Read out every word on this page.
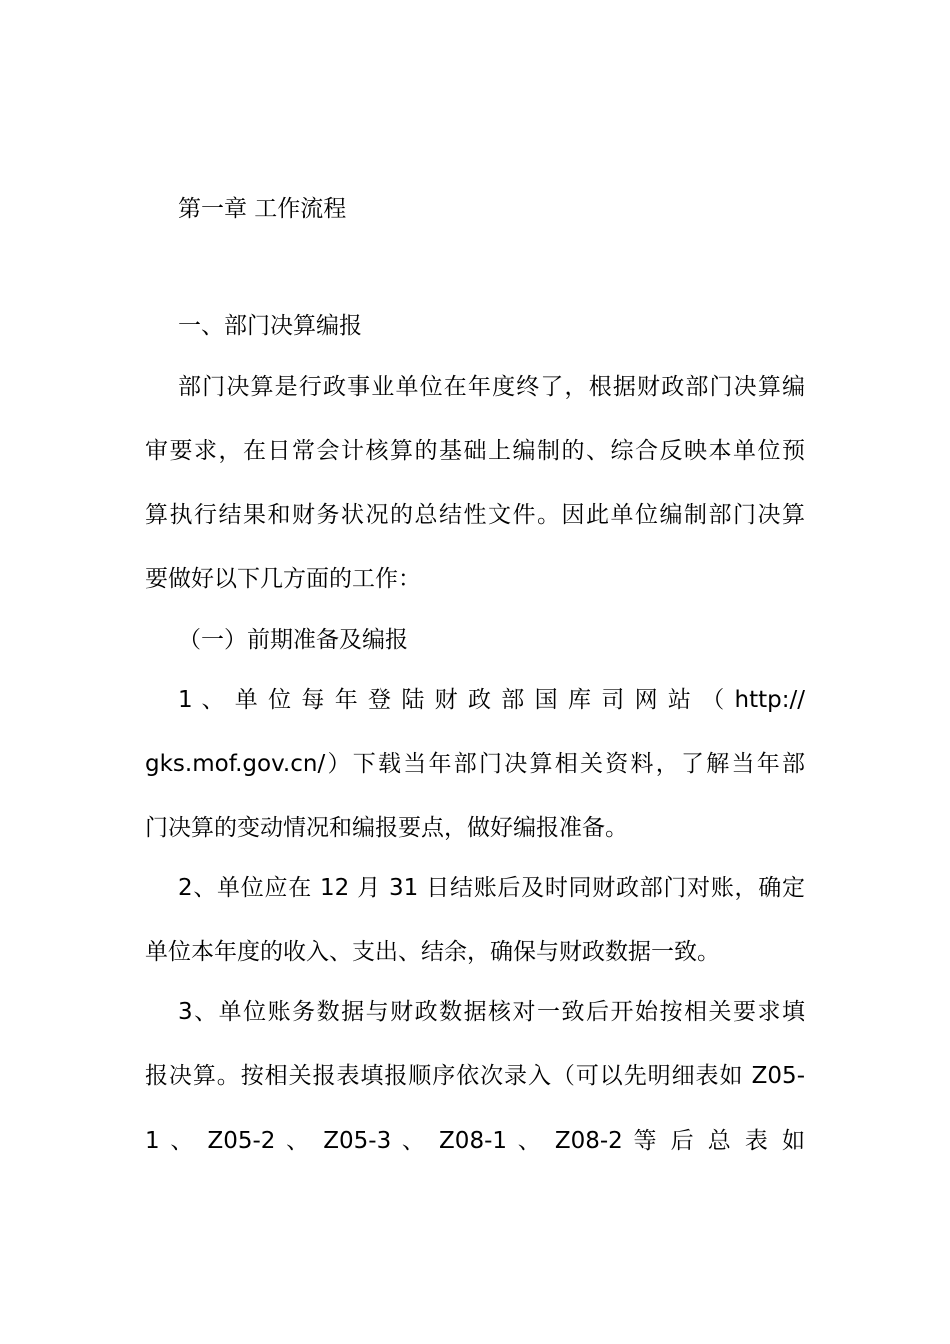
第一章 工作流程
一、部门决算编报
部门决算是行政事业单位在年度终了，根据财政部门决算编
审要求，在日常会计核算的基础上编制的、综合反映本单位预
算执行结果和财务状况的总结性文件。因此单位编制部门决算
要做好以下几方面的工作：
（一）前期准备及编报
1 、 单 位 每 年 登 陆 财 政 部 国 库 司 网 站 （ http://
gks.mof.gov.cn/）下载当年部门决算相关资料，了解当年部
门决算的变动情况和编报要点，做好编报准备。
2、单位应在 12 月 31 日结账后及时同财政部门对账，确定
单位本年度的收入、支出、结余，确保与财政数据一致。
3、单位账务数据与财政数据核对一致后开始按相关要求填
报决算。按相关报表填报顺序依次录入（可以先明细表如 Z05-
1 、 Z05-2 、 Z05-3 、 Z08-1 、 Z08-2 等 后 总 表 如
